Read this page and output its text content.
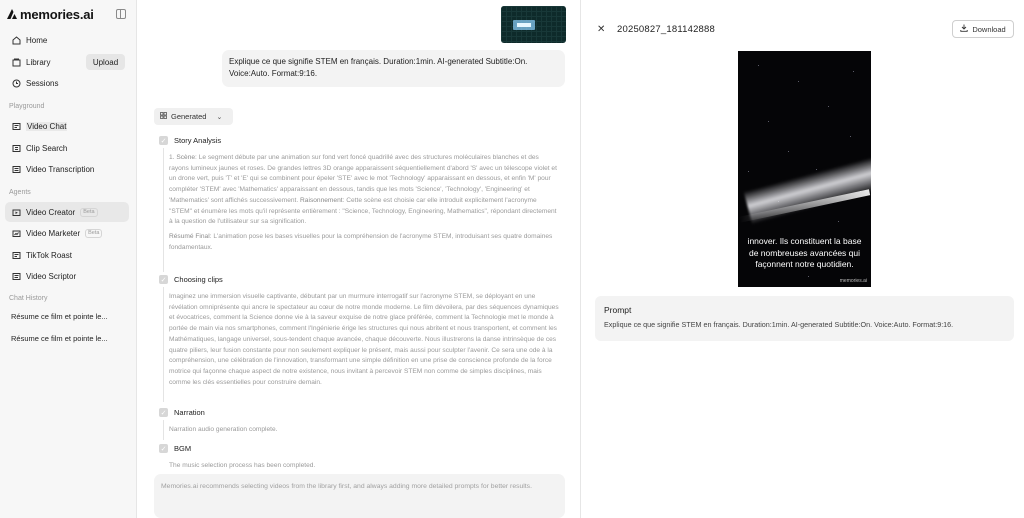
memories.ai
Home
Library	Upload
Sessions
Playground
Video Chat
Clip Search
Video Transcription
Agents
Video Creator	Beta
Video Marketer	Beta
TikTok Roast
Video Scriptor
Chat History
Résume ce film et pointe le...
Résume ce film et pointe le...
Explique ce que signifie STEM en français. Duration:1min. AI-generated Subtitle:On. Voice:Auto. Format:9:16.
Generated ⌄
✓ Story Analysis
1. Scène: Le segment débute par une animation sur fond vert foncé quadrillé avec des structures moléculaires blanches et des rayons lumineux jaunes et roses. De grandes lettres 3D orange apparaissent séquentiellement d'abord 'S' avec un télescope violet et un drone vert, puis 'T' et 'E' qui se combinent pour épeler 'STE' avec le mot 'Technology' apparaissant en dessous, et enfin 'M' pour compléter 'STEM' avec 'Mathematics' apparaissant en dessous, tandis que les mots 'Science', 'Technology', 'Engineering' et 'Mathematics' sont affichés successivement. Raisonnement: Cette scène est choisie car elle introduit explicitement l'acronyme "STEM" et énumère les mots qu'il représente entièrement : "Science, Technology, Engineering, Mathematics", répondant directement à la question de l'utilisateur sur sa signification.
Résumé Final: L'animation pose les bases visuelles pour la compréhension de l'acronyme STEM, introduisant ses quatre domaines fondamentaux.
✓ Choosing clips
Imaginez une immersion visuelle captivante, débutant par un murmure interrogatif sur l'acronyme STEM, se déployant en une révélation omniprésente qui ancre le spectateur au cœur de notre monde moderne. Le film dévoilera, par des séquences dynamiques et évocatrices, comment la Science donne vie à la saveur exquise de notre glace préférée, comment la Technologie met le monde à portée de main via nos smartphones, comment l'Ingénierie érige les structures qui nous abritent et nous transportent, et comment les Mathématiques, langage universel, sous-tendent chaque avancée, chaque découverte. Nous illustrerons la danse intrinsèque de ces quatre piliers, leur fusion constante pour non seulement expliquer le présent, mais aussi pour sculpter l'avenir. Ce sera une ode à la compréhension, une célébration de l'innovation, transformant une simple définition en une prise de conscience profonde de la force motrice qui façonne chaque aspect de notre existence, nous invitant à percevoir STEM non comme de simples disciplines, mais comme les clés essentielles pour construire demain.
✓ Narration
Narration audio generation complete.
✓ BGM
The music selection process has been completed.
Memories.ai recommends selecting videos from the library first, and always adding more detailed prompts for better results.
✕ 20250827_181142888	Download
innover. Ils constituent la base
de nombreuses avancées qui
façonnent notre quotidien.
memories.ai
Prompt
Explique ce que signifie STEM en français. Duration:1min. AI-generated Subtitle:On. Voice:Auto. Format:9:16.
